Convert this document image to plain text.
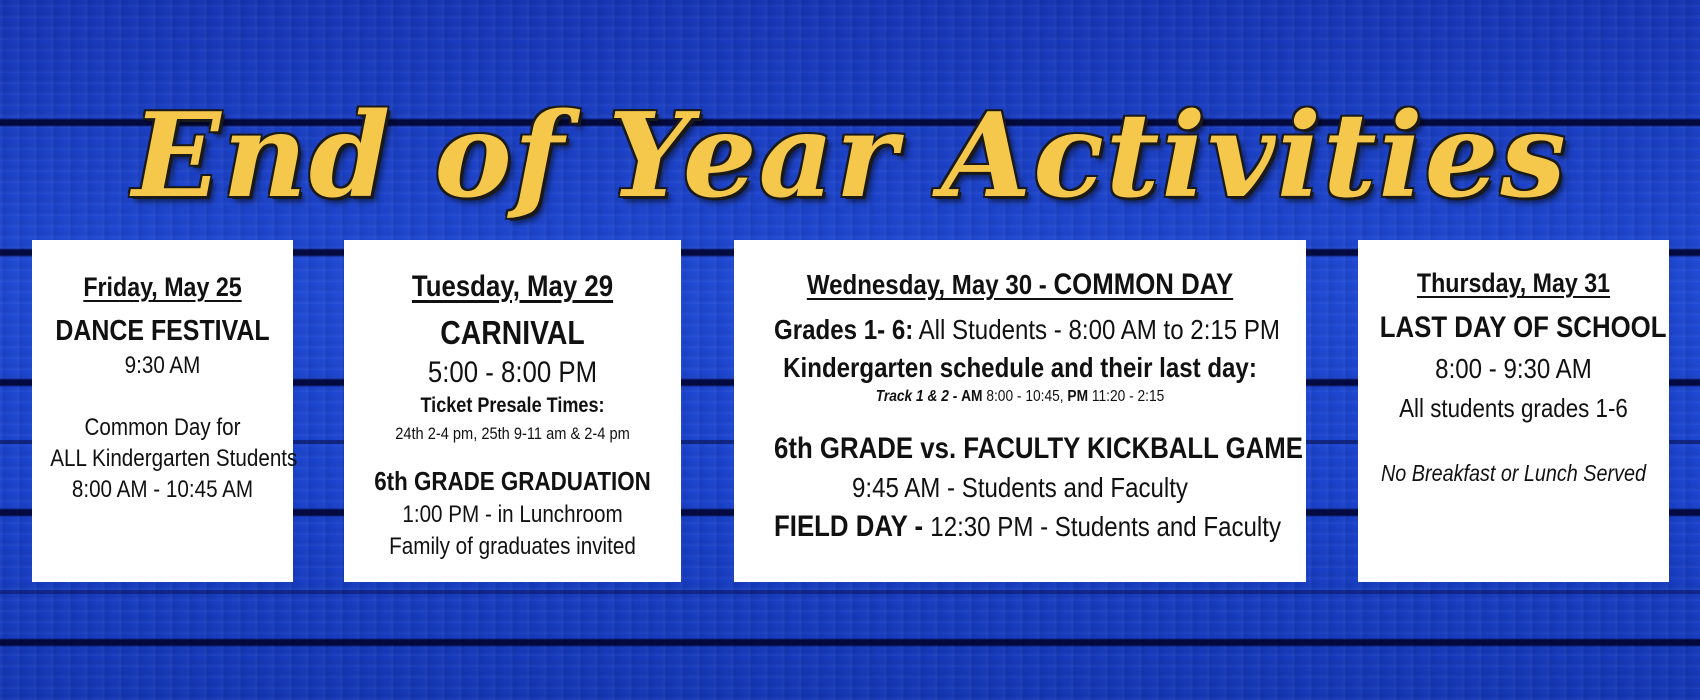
End of Year Activities
Friday, May 25
DANCE FESTIVAL
9:30 AM
Common Day for
ALL Kindergarten Students
8:00 AM - 10:45 AM
Tuesday, May 29
CARNIVAL
5:00 - 8:00 PM
Ticket Presale Times:
24th 2-4 pm, 25th 9-11 am & 2-4 pm
6th GRADE GRADUATION
1:00 PM - in Lunchroom
Family of graduates invited
Wednesday, May 30 - COMMON DAY
Grades 1- 6: All Students - 8:00 AM to 2:15 PM
Kindergarten schedule and their last day:
Track 1 & 2 - AM 8:00 - 10:45, PM 11:20 - 2:15
6th GRADE vs. FACULTY KICKBALL GAME
9:45 AM - Students and Faculty
FIELD DAY - 12:30 PM - Students and Faculty
Thursday, May 31
LAST DAY OF SCHOOL
8:00 - 9:30 AM
All students grades 1-6
No Breakfast or Lunch Served
